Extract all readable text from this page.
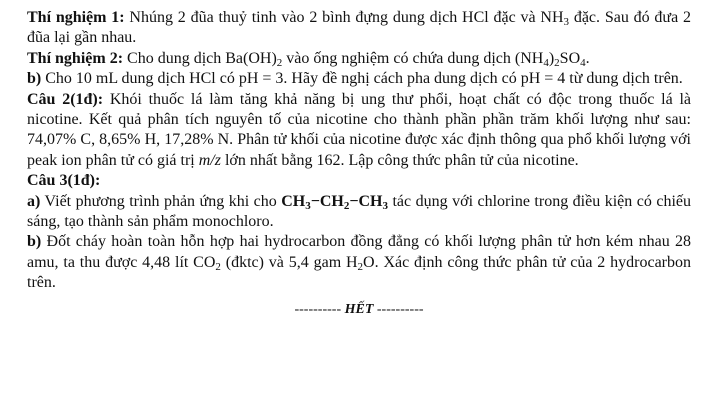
Thí nghiệm 1: Nhúng 2 đũa thuỷ tinh vào 2 bình đựng dung dịch HCl đặc và $NH_3$ đặc. Sau đó đưa 2 đũa lại gần nhau.

Thí nghiệm 2: Cho dung dịch $Ba(OH)_2$ vào ống nghiệm có chứa dung dịch $(NH_4)_2SO_4$.

b) Cho 10 mL dung dịch HCl có pH = 3. Hãy đề nghị cách pha dung dịch có pH = 4 từ dung dịch trên.

Câu 2(1đ): Khói thuốc lá làm tăng khả năng bị ung thư phổi, hoạt chất có độc trong thuốc lá là nicotine. Kết quả phân tích nguyên tố của nicotine cho thành phần phần trăm khối lượng như sau: 74,07% C, 8,65% H, 17,28% N. Phân tử khối của nicotine được xác định thông qua phổ khối lượng với peak ion phân tử có giá trị m/z lớn nhất bằng 162. Lập công thức phân tử của nicotine.

Câu 3(1đ):

a) Viết phương trình phản ứng khi cho $CH_3-CH_2-CH_3$ tác dụng với chlorine trong điều kiện có chiếu sáng, tạo thành sản phẩm monochloro.

b) Đốt cháy hoàn toàn hỗn hợp hai hydrocarbon đồng đẳng có khối lượng phân tử hơn kém nhau 28 amu, ta thu được 4,48 lít $CO_2$ (đktc) và 5,4 gam $H_2O$. Xác định công thức phân tử của 2 hydrocarbon trên.

---------- HẾT ----------
